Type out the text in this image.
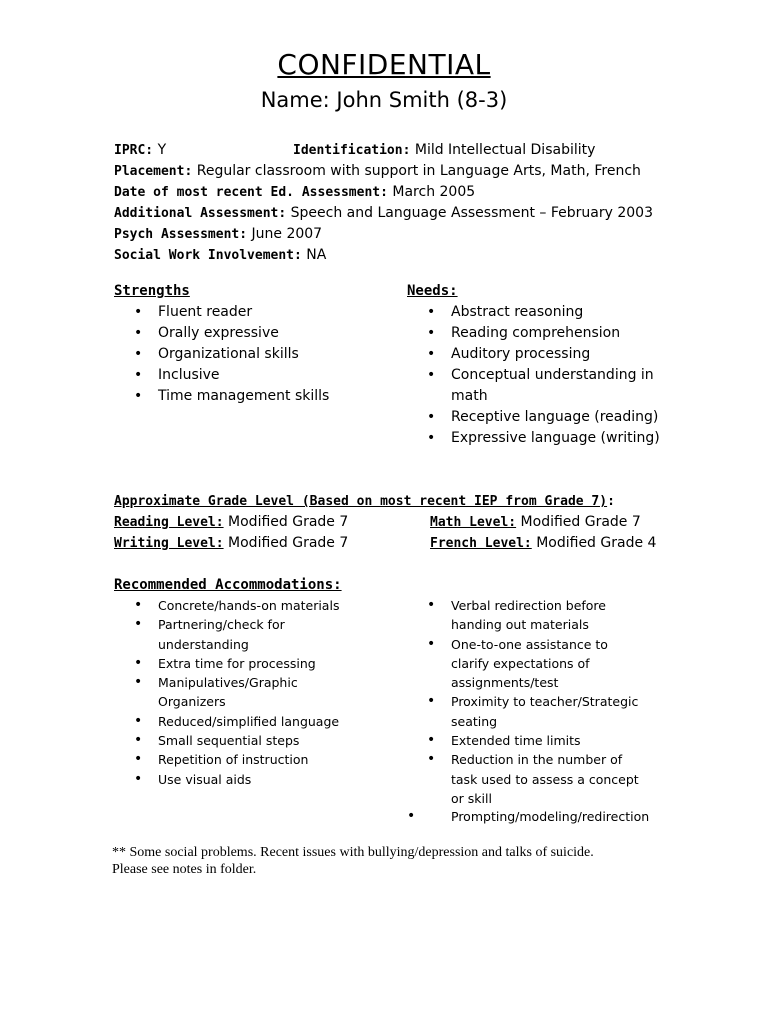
CONFIDENTIAL
Name: John Smith (8-3)
IPRC: Y	Identification: Mild Intellectual Disability
Placement: Regular classroom with support in Language Arts, Math, French
Date of most recent Ed. Assessment: March 2005
Additional Assessment: Speech and Language Assessment – February 2003
Psych Assessment: June 2007
Social Work Involvement: NA
Strengths
• Fluent reader
• Orally expressive
• Organizational skills
• Inclusive
• Time management skills
Needs:
• Abstract reasoning
• Reading comprehension
• Auditory processing
• Conceptual understanding in math
• Receptive language (reading)
• Expressive language (writing)
Approximate Grade Level (Based on most recent IEP from Grade 7):
Reading Level: Modified Grade 7	Math Level: Modified Grade 7
Writing Level: Modified Grade 7	French Level: Modified Grade 4
Recommended Accommodations:
• Concrete/hands-on materials
• Partnering/check for understanding
• Extra time for processing
• Manipulatives/Graphic Organizers
• Reduced/simplified language
• Small sequential steps
• Repetition of instruction
• Use visual aids
• Verbal redirection before handing out materials
• One-to-one assistance to clarify expectations of assignments/test
• Proximity to teacher/Strategic seating
• Extended time limits
• Reduction in the number of task used to assess a concept or skill
•	Prompting/modeling/redirection
** Some social problems. Recent issues with bullying/depression and talks of suicide.
Please see notes in folder.
